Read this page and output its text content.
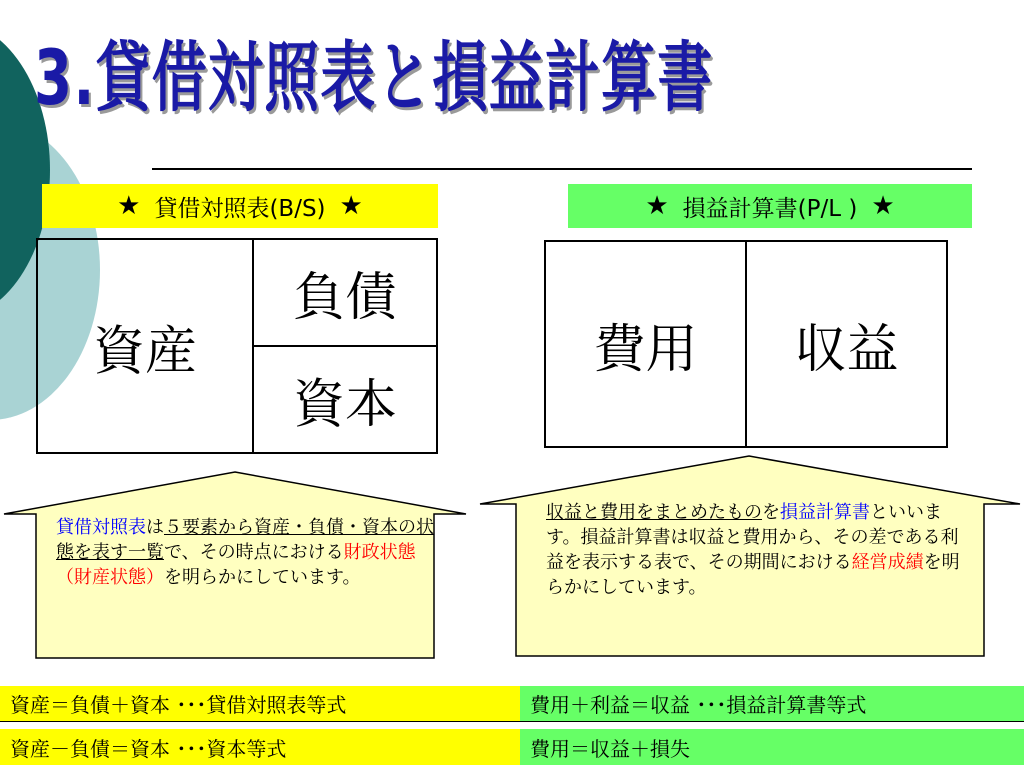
3.貸借対照表と損益計算書
★ 貸借対照表(B/S) ★	★ 損益計算書(P/L ) ★
資産
負債
資本
費用	収益
貸借対照表は５要素から資産・負債・資本の状態を表す一覧で、その時点における財政状態（財産状態）を明らかにしています。
収益と費用をまとめたものを損益計算書といいます。損益計算書は収益と費用から、その差である利益を表示する表で、その期間における経営成績を明らかにしています。
資産＝負債＋資本 ･･･貸借対照表等式
資産－負債＝資本 ･･･資本等式
費用＋利益＝収益 ･･･損益計算書等式
費用＝収益＋損失
